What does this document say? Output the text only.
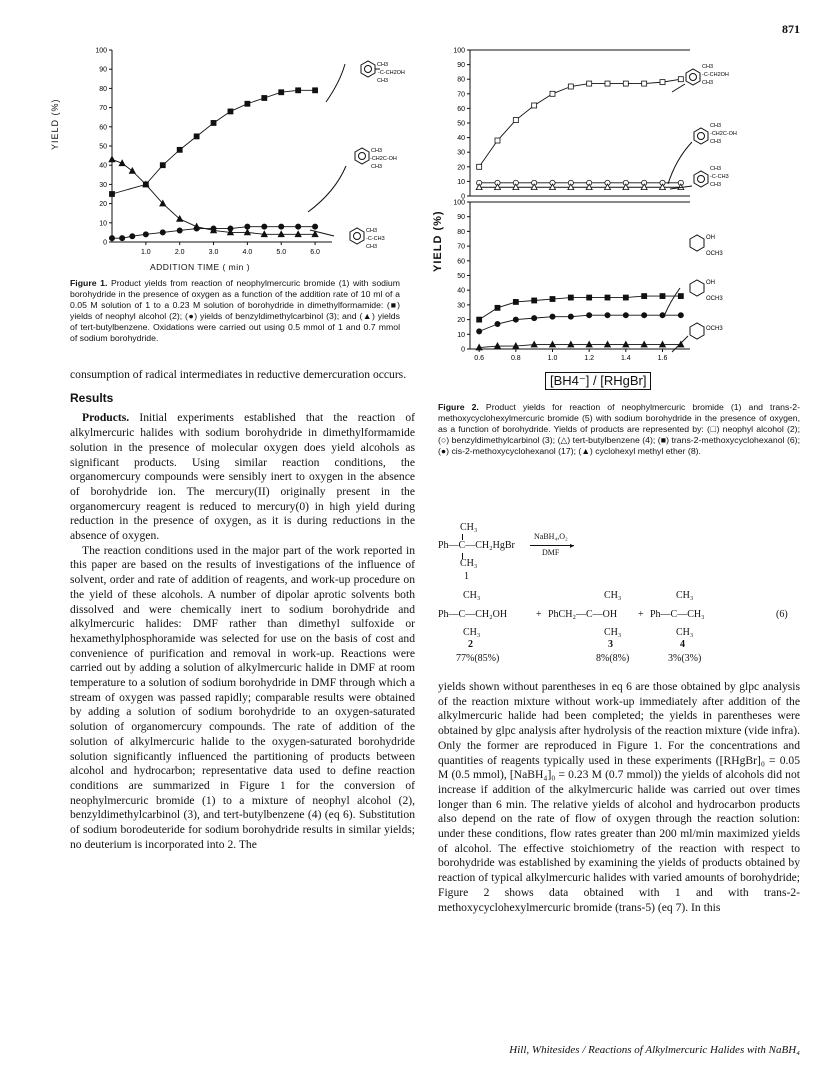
871
100
90
80
70
60
50
40
30
20
10
0
1.0	2.0	3.0	4.0	5.0	6.0
CH3
-C-CH2OH
CH3
CH3
-CH2C-OH
CH3
CH3
-C-CH3
CH3
YIELD (%)
ADDITION TIME ( min )
Figure 1. Product yields from reaction of neophylmercuric bromide (1) with sodium borohydride in the presence of oxygen as a function of the addition rate of 10 ml of a 0.05 M solution of 1 to a 0.23 M solution of borohydride in dimethylformamide: (■) yields of neophyl alcohol (2); (●) yields of benzyldimethylcarbinol (3); and (▲) yields of tert-butylbenzene. Oxidations were carried out using 0.5 mmol of 1 and 0.7 mmol of sodium borohydride.
100
90
80
70
60
50
40
30
20
10
0
100
90
80
70
60
50
40
30
20
10
0
0.6	0.8	1.0	1.2	1.4	1.6
CH3
-C-CH2OH
CH3
CH3
-CH2C-OH
CH3
CH3
-C-CH3
CH3
OH
OCH3
OH
OCH3
OCH3
YIELD (%)
[BH4⁻] / [RHgBr]
Figure 2. Product yields for reaction of neophylmercuric bromide (1) and trans-2-methoxycyclohexylmercuric bromide (5) with sodium borohydride in the presence of oxygen, as a function of borohydride. Yields of products are represented by: (□) neophyl alcohol (2); (○) benzyldimethylcarbinol (3); (△) tert-butylbenzene (4); (■) trans-2-methoxycyclohexanol (6); (●) cis-2-methoxycyclohexanol (17); (▲) cyclohexyl methyl ether (8).

consumption of radical intermediates in reductive demercuration occurs.

Results

Products. Initial experiments established that the reaction of alkylmercuric halides with sodium borohydride in dimethylformamide solution in the presence of molecular oxygen does yield alcohols as significant products. Using similar reaction conditions, the organomercury compounds were sensibly inert to oxygen in the absence of borohydride ion. The mercury(II) originally present in the organomercury reagent is reduced to mercury(0) in high yield during reduction in the presence of oxygen, as it is during reductions in the absence of oxygen.

The reaction conditions used in the major part of the work reported in this paper are based on the results of investigations of the influence of solvent, order and rate of addition of reagents, and work-up procedure on the yield of these alcohols. A number of dipolar aprotic solvents both dissolved and were chemically inert to sodium borohydride and alkylmercuric halides: DMF rather than dimethyl sulfoxide or hexamethylphosphoramide was selected for use on the basis of cost and convenience of purification and removal in work-up. Reactions were carried out by adding a solution of alkylmercuric halide in DMF at room temperature to a solution of sodium borohydride in DMF through which a stream of oxygen was passed rapidly; comparable results were obtained by adding a solution of sodium borohydride to an oxygen-saturated solution of organomercury compounds. The rate of addition of the solution of alkylmercuric halide to the oxygen-saturated borohydride solution significantly influenced the partitioning of products between alcohol and hydrocarbon; representative data used to define reaction conditions are summarized in Figure 1 for the conversion of neophylmercuric bromide (1) to a mixture of neophyl alcohol (2), benzyldimethylcarbinol (3), and tert-butylbenzene (4) (eq 6). Substitution of sodium borodeuteride for sodium borohydride results in similar yields; no deuterium is incorporated into 2. The

CH₃
Ph—C—CH₂HgBr
CH₃
1
NaBH₄,O₂
▸
DMF
CH₃
Ph—C—CH₂OH	+
CH₃
2
77%(85%)
CH₃
PhCH₂—C—OH +
CH₃
3
8%(8%)
CH₃
Ph—C—CH₃
CH₃
4
3%(3%)
(6)

yields shown without parentheses in eq 6 are those obtained by glpc analysis of the reaction mixture without work-up immediately after addition of the alkylmercuric halide had been completed; the yields in parentheses were obtained by glpc analysis after hydrolysis of the reaction mixture (vide infra). Only the former are reproduced in Figure 1. For the concentrations and quantities of reagents typically used in these experiments ([RHgBr]₀ = 0.05 M (0.5 mmol), [NaBH₄]₀ = 0.23 M (0.7 mmol)) the yields of alcohols did not increase if addition of the alkylmercuric halide was carried out over times longer than 6 min. The relative yields of alcohol and hydrocarbon products also depend on the rate of flow of oxygen through the reaction solution: under these conditions, flow rates greater than 200 ml/min maximized yields of alcohol. The effective stoichiometry of the reaction with respect to borohydride was established by examining the yields of products obtained by reaction of typical alkylmercuric halides with varied amounts of borohydride; Figure 2 shows data obtained with 1 and with trans-2-methoxycyclohexylmercuric bromide (trans-5) (eq 7). In this

Hill, Whitesides / Reactions of Alkylmercuric Halides with NaBH₄
